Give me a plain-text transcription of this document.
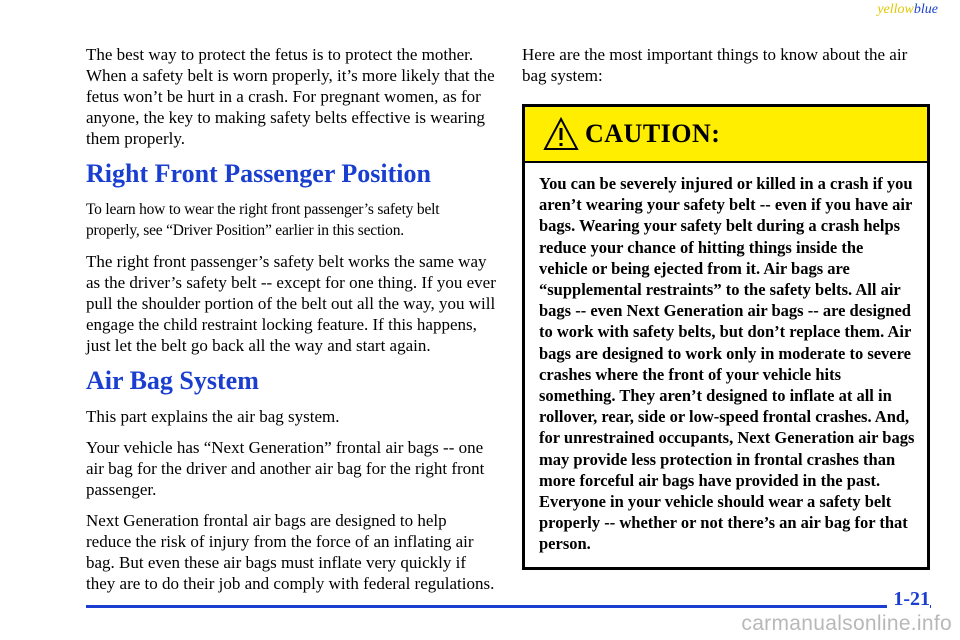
yellowblue

The best way to protect the fetus is to protect the mother. When a safety belt is worn properly, it’s more likely that the fetus won’t be hurt in a crash. For pregnant women, as for anyone, the key to making safety belts effective is wearing them properly.

Right Front Passenger Position

To learn how to wear the right front passenger’s safety belt properly, see “Driver Position” earlier in this section.

The right front passenger’s safety belt works the same way as the driver’s safety belt -- except for one thing. If you ever pull the shoulder portion of the belt out all the way, you will engage the child restraint locking feature. If this happens, just let the belt go back all the way and start again.

Air Bag System

This part explains the air bag system.

Your vehicle has “Next Generation” frontal air bags -- one air bag for the driver and another air bag for the right front passenger.

Next Generation frontal air bags are designed to help reduce the risk of injury from the force of an inflating air bag. But even these air bags must inflate very quickly if they are to do their job and comply with federal regulations.

Here are the most important things to know about the air bag system:

CAUTION:
You can be severely injured or killed in a crash if you aren’t wearing your safety belt -- even if you have air bags. Wearing your safety belt during a crash helps reduce your chance of hitting things inside the vehicle or being ejected from it. Air bags are “supplemental restraints” to the safety belts. All air bags -- even Next Generation air bags -- are designed to work with safety belts, but don’t replace them. Air bags are designed to work only in moderate to severe crashes where the front of your vehicle hits something. They aren’t designed to inflate at all in rollover, rear, side or low-speed frontal crashes. And, for unrestrained occupants, Next Generation air bags may provide less protection in frontal crashes than more forceful air bags have provided in the past. Everyone in your vehicle should wear a safety belt properly -- whether or not there’s an air bag for that person.
1-21
carmanualsonline.info
